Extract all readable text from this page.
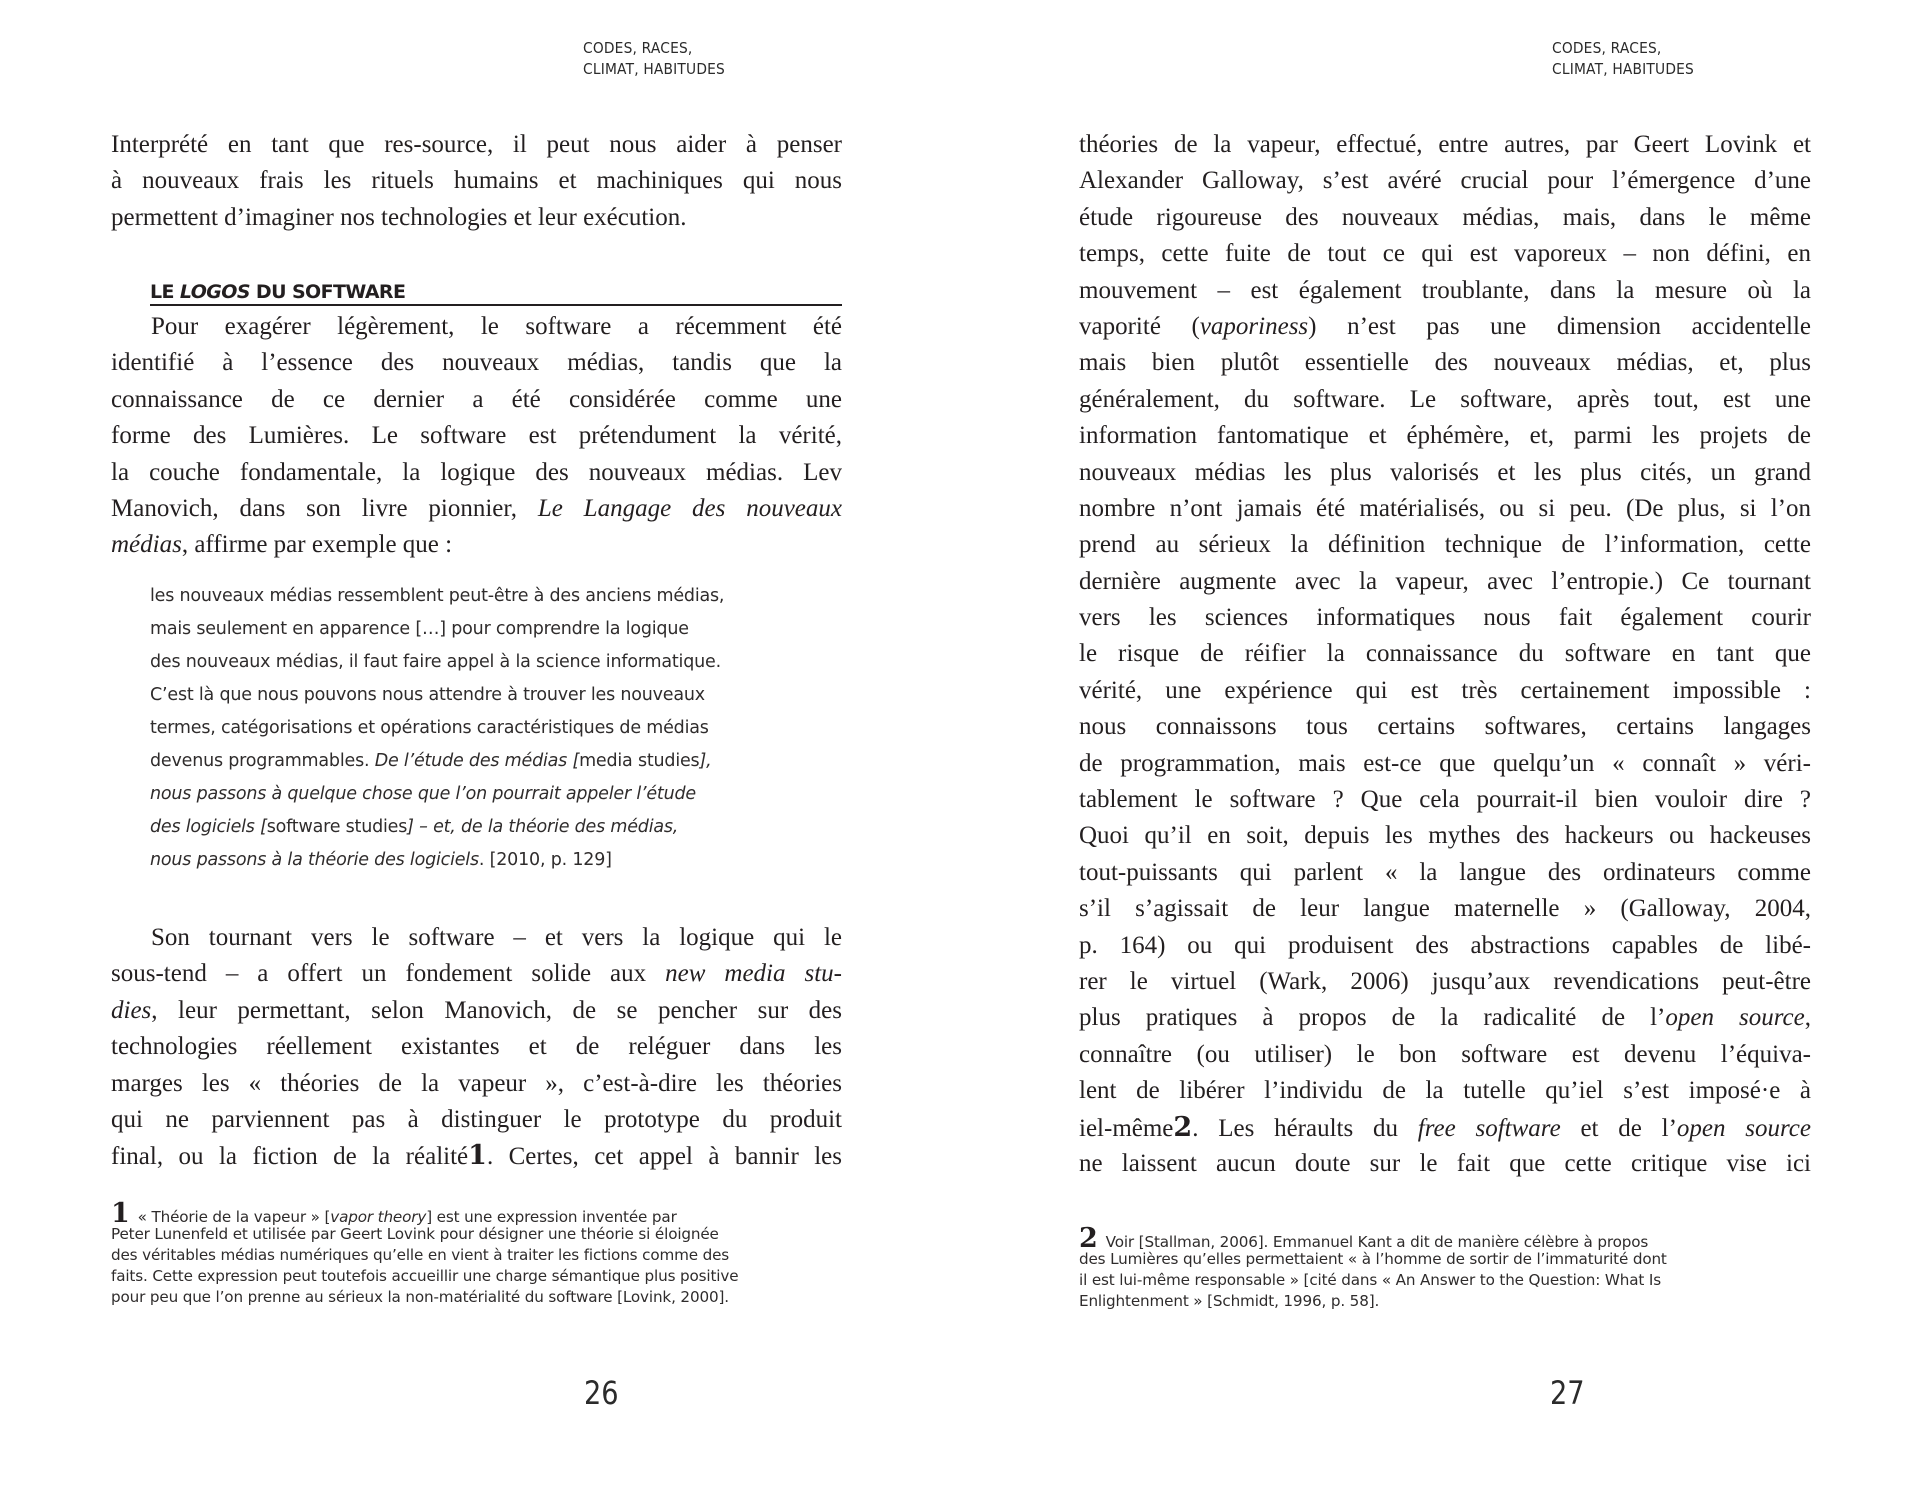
CODES, RACES,
CLIMAT, HABITUDES
Interprété en tant que res-source, il peut nous aider à penser
à nouveaux frais les rituels humains et machiniques qui nous
permettent d’imaginer nos technologies et leur exécution.
LE LOGOS DU SOFTWARE
Pour exagérer légèrement, le software a récemment été
identifié à l’essence des nouveaux médias, tandis que la
connaissance de ce dernier a été considérée comme une
forme des Lumières. Le software est prétendument la vérité,
la couche fondamentale, la logique des nouveaux médias. Lev
Manovich, dans son livre pionnier, Le Langage des nouveaux
médias, affirme par exemple que :
les nouveaux médias ressemblent peut-être à des anciens médias,
mais seulement en apparence […] pour comprendre la logique
des nouveaux médias, il faut faire appel à la science informatique.
C’est là que nous pouvons nous attendre à trouver les nouveaux
termes, catégorisations et opérations caractéristiques de médias
devenus programmables. De l’étude des médias [media studies],
nous passons à quelque chose que l’on pourrait appeler l’étude
des logiciels [software studies] – et, de la théorie des médias,
nous passons à la théorie des logiciels. [2010, p. 129]
Son tournant vers le software – et vers la logique qui le
sous-tend – a offert un fondement solide aux new media stu-
dies, leur permettant, selon Manovich, de se pencher sur des
technologies réellement existantes et de reléguer dans les
marges les « théories de la vapeur », c’est-à-dire les théories
qui ne parviennent pas à distinguer le prototype du produit
final, ou la fiction de la réalité1. Certes, cet appel à bannir les
1 « Théorie de la vapeur » [vapor theory] est une expression inventée par
Peter Lunenfeld et utilisée par Geert Lovink pour désigner une théorie si éloignée
des véritables médias numériques qu’elle en vient à traiter les fictions comme des
faits. Cette expression peut toutefois accueillir une charge sémantique plus positive
pour peu que l’on prenne au sérieux la non-matérialité du software [Lovink, 2000].
26
CODES, RACES,
CLIMAT, HABITUDES
théories de la vapeur, effectué, entre autres, par Geert Lovink et
Alexander Galloway, s’est avéré crucial pour l’émergence d’une
étude rigoureuse des nouveaux médias, mais, dans le même
temps, cette fuite de tout ce qui est vaporeux – non défini, en
mouvement – est également troublante, dans la mesure où la
vaporité (vaporiness) n’est pas une dimension accidentelle
mais bien plutôt essentielle des nouveaux médias, et, plus
généralement, du software. Le software, après tout, est une
information fantomatique et éphémère, et, parmi les projets de
nouveaux médias les plus valorisés et les plus cités, un grand
nombre n’ont jamais été matérialisés, ou si peu. (De plus, si l’on
prend au sérieux la définition technique de l’information, cette
dernière augmente avec la vapeur, avec l’entropie.) Ce tournant
vers les sciences informatiques nous fait également courir
le risque de réifier la connaissance du software en tant que
vérité, une expérience qui est très certainement impossible :
nous connaissons tous certains softwares, certains langages
de programmation, mais est-ce que quelqu’un « connaît » véri-
tablement le software ? Que cela pourrait-il bien vouloir dire ?
Quoi qu’il en soit, depuis les mythes des hackeurs ou hackeuses
tout-puissants qui parlent « la langue des ordinateurs comme
s’il s’agissait de leur langue maternelle » (Galloway, 2004,
p. 164) ou qui produisent des abstractions capables de libé-
rer le virtuel (Wark, 2006) jusqu’aux revendications peut-être
plus pratiques à propos de la radicalité de l’open source,
connaître (ou utiliser) le bon software est devenu l’équiva-
lent de libérer l’individu de la tutelle qu’iel s’est imposé·e à
iel-même2. Les héraults du free software et de l’open source
ne laissent aucun doute sur le fait que cette critique vise ici
2 Voir [Stallman, 2006]. Emmanuel Kant a dit de manière célèbre à propos
des Lumières qu’elles permettaient « à l’homme de sortir de l’immaturité dont
il est lui-même responsable » [cité dans « An Answer to the Question: What Is
Enlightenment » [Schmidt, 1996, p. 58].
27
